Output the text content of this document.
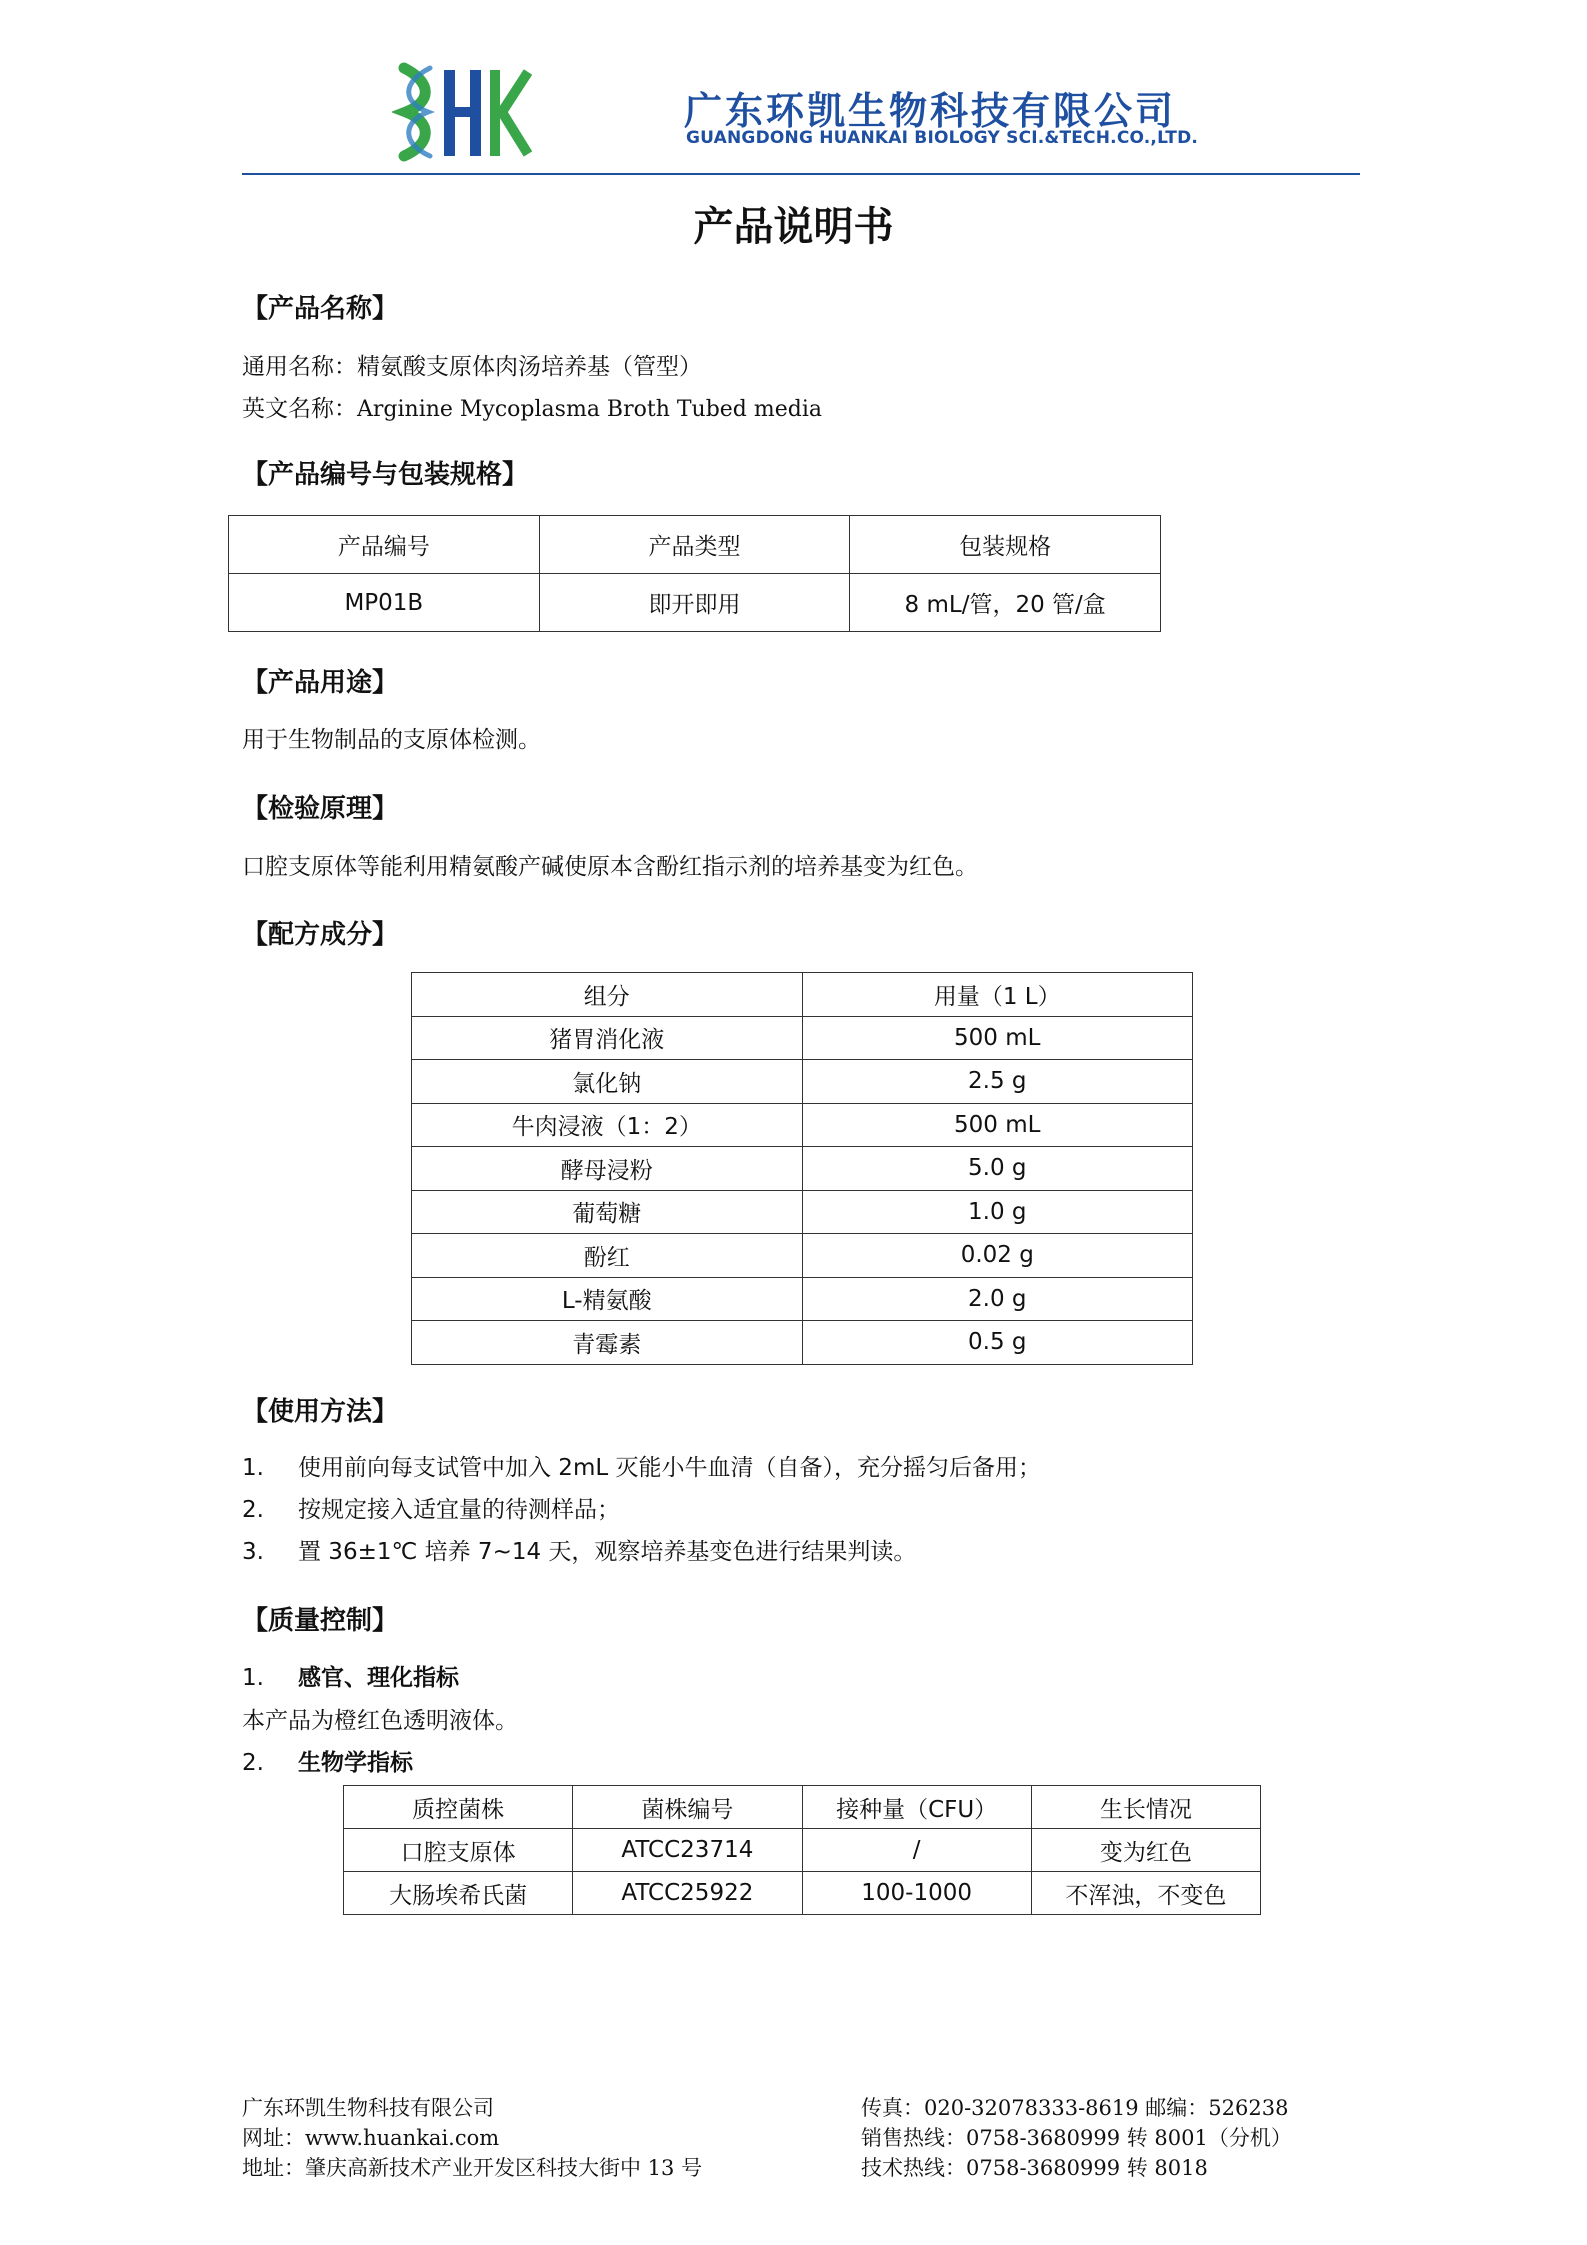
广东环凯生物科技有限公司
GUANGDONG HUANKAI BIOLOGY SCI.&TECH.CO.,LTD.
产品说明书
【产品名称】
通用名称：精氨酸支原体肉汤培养基（管型）
英文名称：Arginine Mycoplasma Broth Tubed media
【产品编号与包装规格】
产品编号	产品类型	包装规格
MP01B	即开即用	8 mL/管，20 管/盒
【产品用途】
用于生物制品的支原体检测。
【检验原理】
口腔支原体等能利用精氨酸产碱使原本含酚红指示剂的培养基变为红色。
【配方成分】
组分	用量（1 L）
猪胃消化液	500 mL
氯化钠	2.5 g
牛肉浸液（1：2）	500 mL
酵母浸粉	5.0 g
葡萄糖	1.0 g
酚红	0.02 g
L-精氨酸	2.0 g
青霉素	0.5 g
【使用方法】
1. 使用前向每支试管中加入 2mL 灭能小牛血清（自备），充分摇匀后备用；
2. 按规定接入适宜量的待测样品；
3. 置 36±1℃ 培养 7~14 天，观察培养基变色进行结果判读。
【质量控制】
1. 感官、理化指标
本产品为橙红色透明液体。
2. 生物学指标
质控菌株	菌株编号	接种量（CFU）	生长情况
口腔支原体	ATCC23714	/	变为红色
大肠埃希氏菌	ATCC25922	100-1000	不浑浊，不变色
广东环凯生物科技有限公司
网址：www.huankai.com
地址：肇庆高新技术产业开发区科技大街中 13 号
传真：020-32078333-8619 邮编：526238
销售热线：0758-3680999 转 8001（分机）
技术热线：0758-3680999 转 8018
